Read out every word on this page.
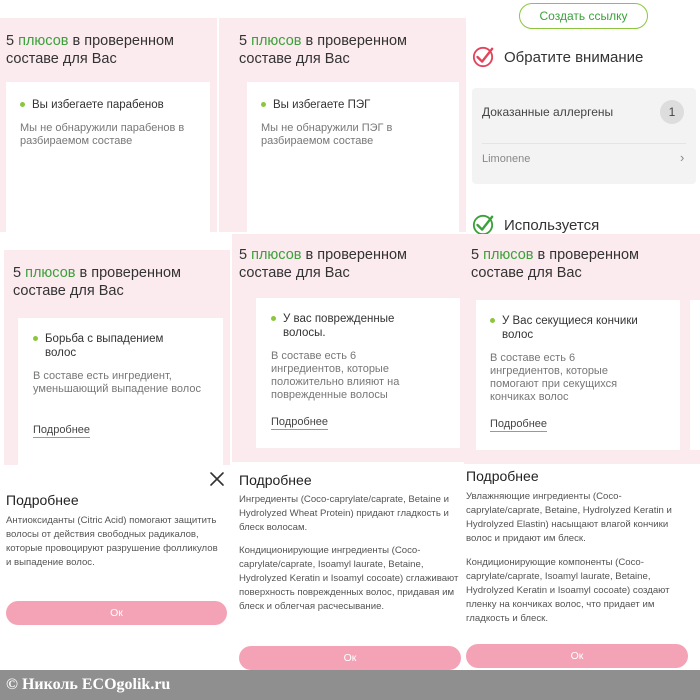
5 плюсов в проверенном составе для Вас
Вы избегаете парабенов
Мы не обнаружили парабенов в разбираемом составе
5 плюсов в проверенном составе для Вас
Вы избегаете ПЭГ
Мы не обнаружили ПЭГ в разбираемом составе
Создать ссылку
Обратите внимание
Доказанные аллергены	1
Limonene	›
Используется
5 плюсов в проверенном составе для Вас
Борьба с выпадением волос
В составе есть ингредиент, уменьшающий выпадение волос
Подробнее
5 плюсов в проверенном составе для Вас
У вас поврежденные волосы.
В составе есть 6 ингредиентов, которые положительно влияют на поврежденные волосы
Подробнее
5 плюсов в проверенном составе для Вас
У Вас секущиеся кончики волос
В составе есть 6 ингредиентов, которые помогают при секущихся кончиках волос
Подробнее
Подробнее
Антиоксиданты (Citric Acid) помогают защитить волосы от действия свободных радикалов, которые провоцируют разрушение фолликулов и выпадение волос.
Ок
Подробнее
Ингредиенты (Coco-caprylate/caprate, Betaine и Hydrolyzed Wheat Protein) придают гладкость и блеск волосам.
Кондиционирующие ингредиенты (Coco-caprylate/caprate, Isoamyl laurate, Betaine, Hydrolyzed Keratin и Isoamyl cocoate) сглаживают поверхность поврежденных волос, придавая им блеск и облегчая расчесывание.
Ок
Подробнее
Увлажняющие ингредиенты (Coco-caprylate/caprate, Betaine, Hydrolyzed Keratin и Hydrolyzed Elastin) насыщают влагой кончики волос и придают им блеск.
Кондиционирующие компоненты (Coco-caprylate/caprate, Isoamyl laurate, Betaine, Hydrolyzed Keratin и Isoamyl cocoate) создают пленку на кончиках волос, что придает им гладкость и блеск.
Ок
© Николь ECOgolik.ru
